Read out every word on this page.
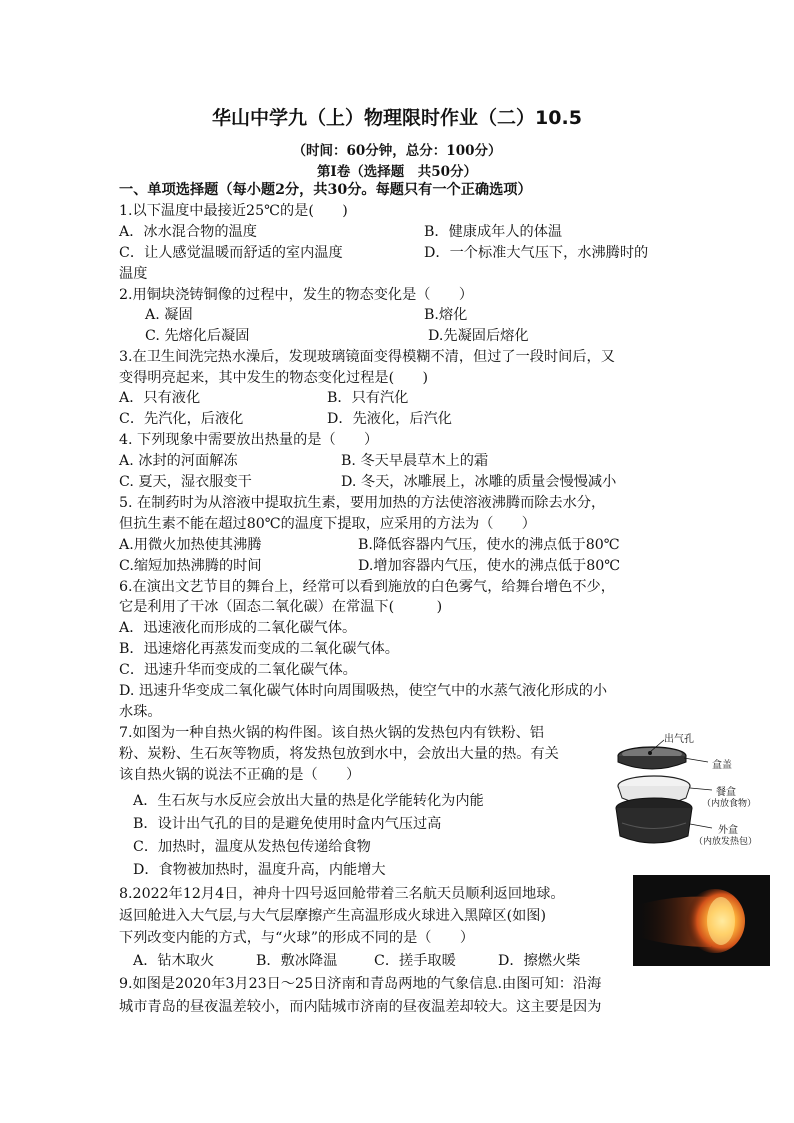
华山中学九（上）物理限时作业（二）10.5
（时间：60分钟，总分：100分）
第Ⅰ卷（选择题　共50分）
一、单项选择题（每小题2分，共30分。每题只有一个正确选项）
1.以下温度中最接近25℃的是(　　)
A．冰水混合物的温度	B．健康成年人的体温
C．让人感觉温暖而舒适的室内温度	D．一个标准大气压下，水沸腾时的
温度
2.用铜块浇铸铜像的过程中，发生的物态变化是（　　）
A. 凝固	B.熔化
C. 先熔化后凝固	D.先凝固后熔化
3.在卫生间洗完热水澡后，发现玻璃镜面变得模糊不清，但过了一段时间后，又
变得明亮起来，其中发生的物态变化过程是(　　)
A．只有液化	B．只有汽化
C．先汽化，后液化	D．先液化，后汽化
4. 下列现象中需要放出热量的是（　　）
A. 冰封的河面解冻	B. 冬天早晨草木上的霜
C. 夏天，湿衣服变干	D. 冬天，冰雕展上，冰雕的质量会慢慢减小
5. 在制药时为从溶液中提取抗生素，要用加热的方法使溶液沸腾而除去水分，
但抗生素不能在超过80℃的温度下提取，应采用的方法为（　　）
A.用微火加热使其沸腾	B.降低容器内气压，使水的沸点低于80℃
C.缩短加热沸腾的时间	D.增加容器内气压，使水的沸点低于80℃
6.在演出文艺节目的舞台上，经常可以看到施放的白色雾气，给舞台增色不少，
它是利用了干冰（固态二氧化碳）在常温下(　　　)
A．迅速液化而形成的二氧化碳气体。
B．迅速熔化再蒸发而变成的二氧化碳气体。
C．迅速升华而变成的二氧化碳气体。
D. 迅速升华变成二氧化碳气体时向周围吸热，使空气中的水蒸气液化形成的小
水珠。
7.如图为一种自热火锅的构件图。该自热火锅的发热包内有铁粉、铝
粉、炭粉、生石灰等物质，将发热包放到水中，会放出大量的热。有关
该自热火锅的说法不正确的是（　　）
A．生石灰与水反应会放出大量的热是化学能转化为内能
B．设计出气孔的目的是避免使用时盒内气压过高
C．加热时，温度从发热包传递给食物
D．食物被加热时，温度升高，内能增大
出气孔
盒盖
餐盒
（内放食物）
外盒
（内放发热包）
8.2022年12月4日，神舟十四号返回舱带着三名航天员顺利返回地球。
返回舱进入大气层,与大气层摩擦产生高温形成火球进入黑障区(如图)
下列改变内能的方式，与“火球”的形成不同的是（　　）
A．钻木取火	B．敷冰降温	C．搓手取暖	D．擦燃火柴
9.如图是2020年3月23日～25日济南和青岛两地的气象信息.由图可知：沿海
城市青岛的昼夜温差较小，而内陆城市济南的昼夜温差却较大。这主要是因为
